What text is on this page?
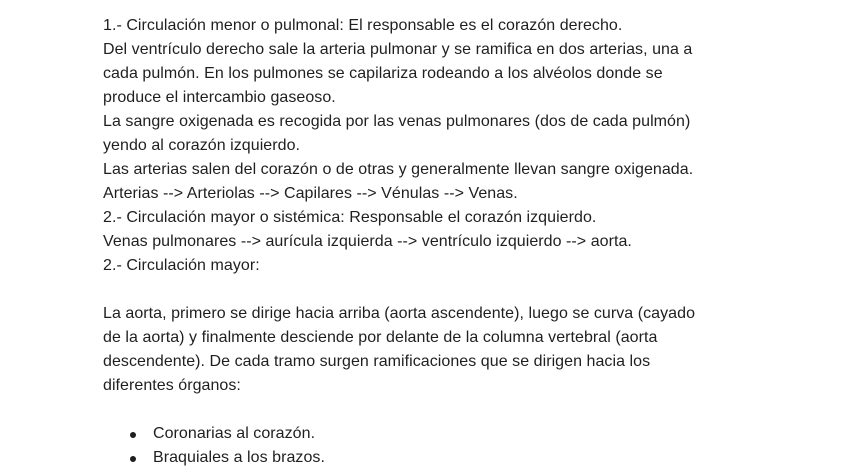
1.- Circulación menor o pulmonal: El responsable es el corazón derecho.
Del ventrículo derecho sale la arteria pulmonar y se ramifica en dos arterias, una a
cada pulmón. En los pulmones se capilariza rodeando a los alvéolos donde se
produce el intercambio gaseoso.
La sangre oxigenada es recogida por las venas pulmonares (dos de cada pulmón)
yendo al corazón izquierdo.
Las arterias salen del corazón o de otras y generalmente llevan sangre oxigenada.
Arterias --> Arteriolas --> Capilares --> Vénulas --> Venas.
2.- Circulación mayor o sistémica: Responsable el corazón izquierdo.
Venas pulmonares --> aurícula izquierda --> ventrículo izquierdo --> aorta.
2.- Circulación mayor:
La aorta, primero se dirige hacia arriba (aorta ascendente), luego se curva (cayado
de la aorta) y finalmente desciende por delante de la columna vertebral (aorta
descendente). De cada tramo surgen ramificaciones que se dirigen hacia los
diferentes órganos:
Coronarias al corazón.
Braquiales a los brazos.
